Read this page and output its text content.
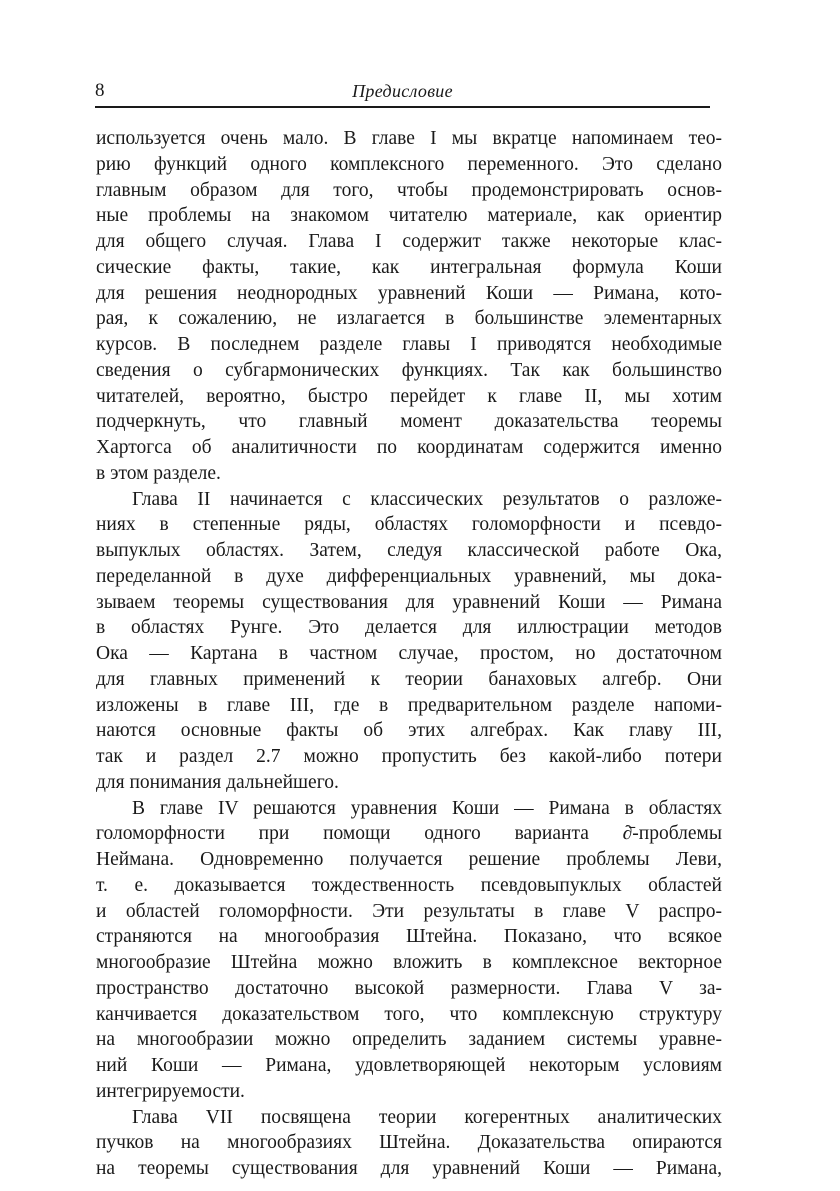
8	Предисловие
используется очень мало. В главе I мы вкратце напоминаем тео-
рию функций одного комплексного переменного. Это сделано
главным образом для того, чтобы продемонстрировать основ-
ные проблемы на знакомом читателю материале, как ориентир
для общего случая. Глава I содержит также некоторые клас-
сические факты, такие, как интегральная формула Коши
для решения неоднородных уравнений Коши — Римана, кото-
рая, к сожалению, не излагается в большинстве элементарных
курсов. В последнем разделе главы I приводятся необходимые
сведения о субгармонических функциях. Так как большинство
читателей, вероятно, быстро перейдет к главе II, мы хотим
подчеркнуть, что главный момент доказательства теоремы
Хартогса об аналитичности по координатам содержится именно
в этом разделе.
Глава II начинается с классических результатов о разложе-
ниях в степенные ряды, областях голоморфности и псевдо-
выпуклых областях. Затем, следуя классической работе Ока,
переделанной в духе дифференциальных уравнений, мы дока-
зываем теоремы существования для уравнений Коши — Римана
в областях Рунге. Это делается для иллюстрации методов
Ока — Картана в частном случае, простом, но достаточном
для главных применений к теории банаховых алгебр. Они
изложены в главе III, где в предварительном разделе напоми-
наются основные факты об этих алгебрах. Как главу III,
так и раздел 2.7 можно пропустить без какой-либо потери
для понимания дальнейшего.
В главе IV решаются уравнения Коши — Римана в областях
голоморфности при помощи одного варианта ∂̄-проблемы
Неймана. Одновременно получается решение проблемы Леви,
т. е. доказывается тождественность псевдовыпуклых областей
и областей голоморфности. Эти результаты в главе V распро-
страняются на многообразия Штейна. Показано, что всякое
многообразие Штейна можно вложить в комплексное векторное
пространство достаточно высокой размерности. Глава V за-
канчивается доказательством того, что комплексную структуру
на многообразии можно определить заданием системы уравне-
ний Коши — Римана, удовлетворяющей некоторым условиям
интегрируемости.
Глава VII посвящена теории когерентных аналитических
пучков на многообразиях Штейна. Доказательства опираются
на теоремы существования для уравнений Коши — Римана,
